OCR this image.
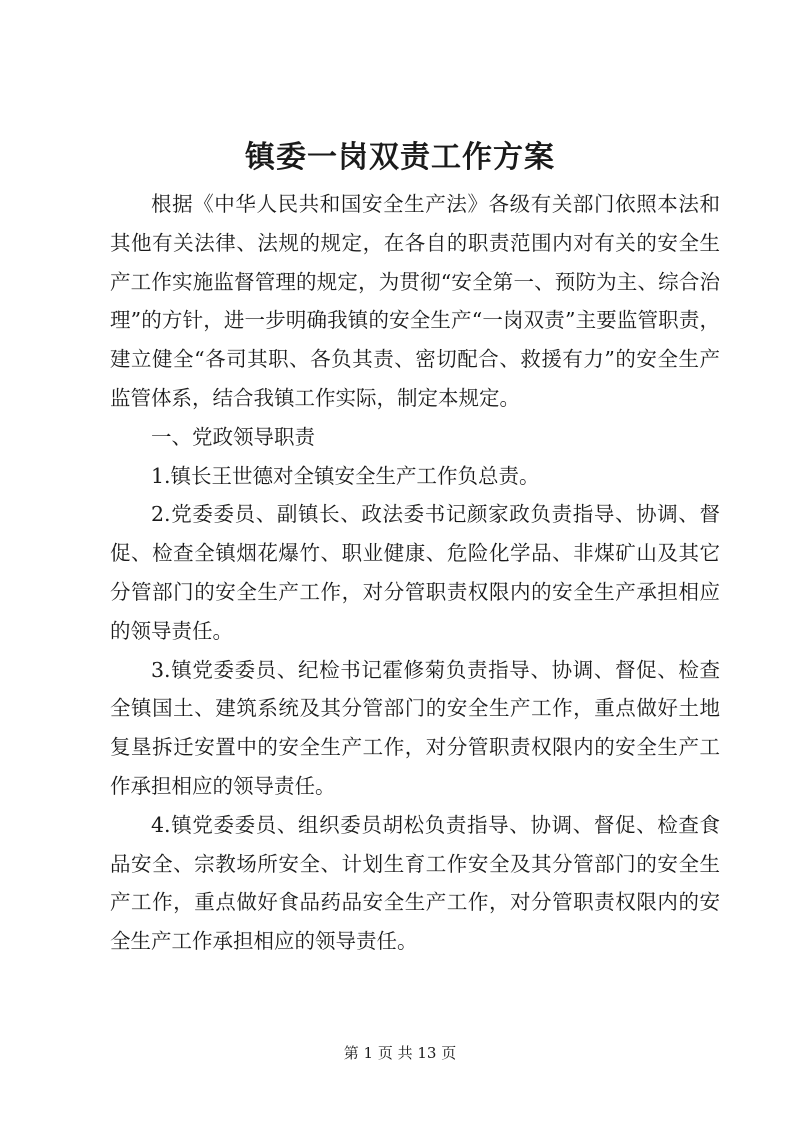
镇委一岗双责工作方案

根据《中华人民共和国安全生产法》各级有关部门依照本法和其他有关法律、法规的规定，在各自的职责范围内对有关的安全生产工作实施监督管理的规定，为贯彻“安全第一、预防为主、综合治理”的方针，进一步明确我镇的安全生产“一岗双责”主要监管职责，建立健全“各司其职、各负其责、密切配合、救援有力”的安全生产监管体系，结合我镇工作实际，制定本规定。

一、党政领导职责

1.镇长王世德对全镇安全生产工作负总责。

2.党委委员、副镇长、政法委书记颜家政负责指导、协调、督促、检查全镇烟花爆竹、职业健康、危险化学品、非煤矿山及其它分管部门的安全生产工作，对分管职责权限内的安全生产承担相应的领导责任。

3.镇党委委员、纪检书记霍修菊负责指导、协调、督促、检查全镇国土、建筑系统及其分管部门的安全生产工作，重点做好土地复垦拆迁安置中的安全生产工作，对分管职责权限内的安全生产工作承担相应的领导责任。

4.镇党委委员、组织委员胡松负责指导、协调、督促、检查食品安全、宗教场所安全、计划生育工作安全及其分管部门的安全生产工作，重点做好食品药品安全生产工作，对分管职责权限内的安全生产工作承担相应的领导责任。

第 1 页 共 13 页
